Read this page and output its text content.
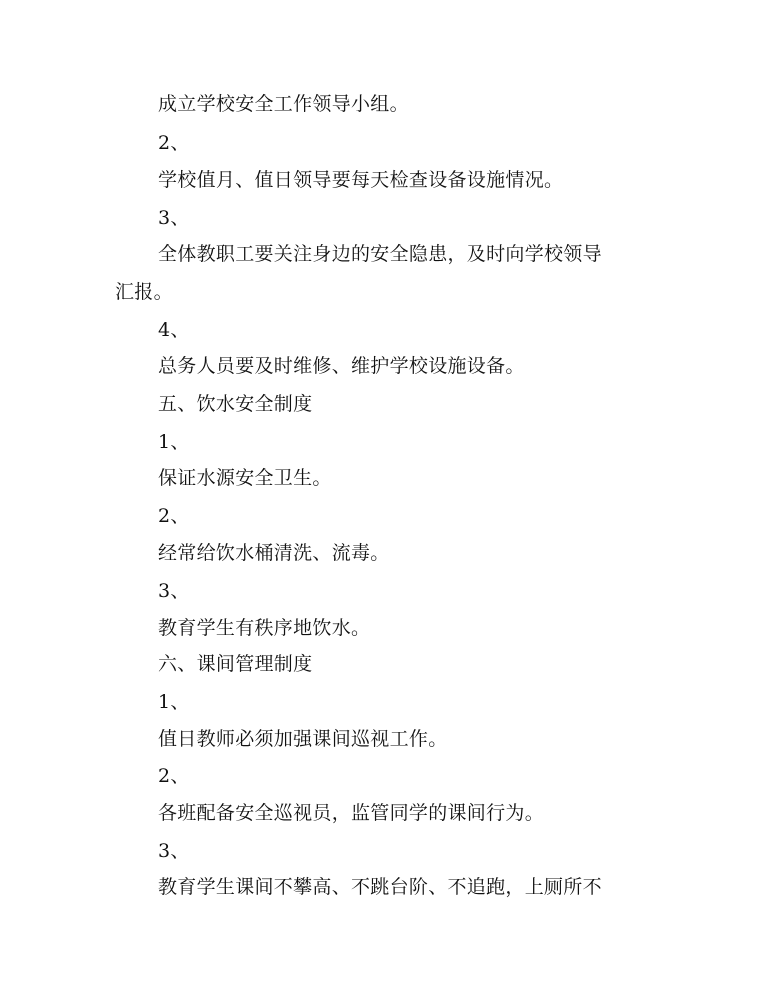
成立学校安全工作领导小组。
2、
学校值月、值日领导要每天检查设备设施情况。
3、
全体教职工要关注身边的安全隐患，及时向学校领导
汇报。
4、
总务人员要及时维修、维护学校设施设备。
五、饮水安全制度
1、
保证水源安全卫生。
2、
经常给饮水桶清洗、流毒。
3、
教育学生有秩序地饮水。
六、课间管理制度
1、
值日教师必须加强课间巡视工作。
2、
各班配备安全巡视员，监管同学的课间行为。
3、
教育学生课间不攀高、不跳台阶、不追跑，上厕所不
